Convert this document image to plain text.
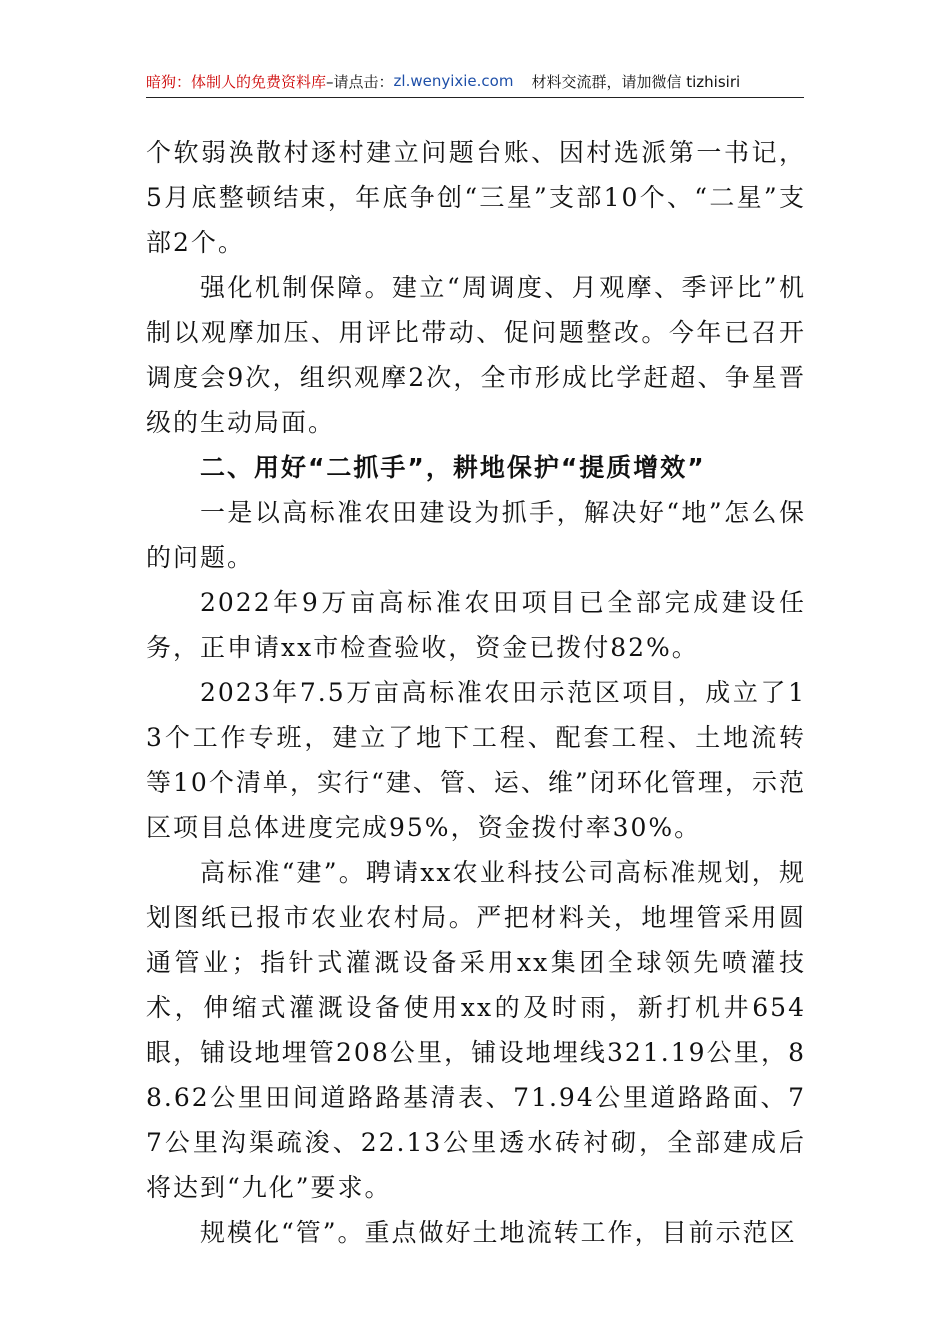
暗狗：体制人的免费资料库 –请点击： zl.wenyixie.com 材料交流群，请加微信 tizhisiri

个软弱涣散村逐村建立问题台账、因村选派第一书记，5月底整顿结束，年底争创“三星”支部10个、“二星”支部2个。

强化机制保障。建立“周调度、月观摩、季评比”机制以观摩加压、用评比带动、促问题整改。今年已召开调度会9次，组织观摩2次，全市形成比学赶超、争星晋级的生动局面。

二、用好“二抓手”，耕地保护“提质增效”

一是以高标准农田建设为抓手，解决好“地”怎么保的问题。

2022年9万亩高标准农田项目已全部完成建设任务，正申请xx市检查验收，资金已拨付82%。

2023年7.5万亩高标准农田示范区项目，成立了13个工作专班，建立了地下工程、配套工程、土地流转等10个清单，实行“建、管、运、维”闭环化管理，示范区项目总体进度完成95%，资金拨付率30%。

高标准“建”。聘请xx农业科技公司高标准规划，规划图纸已报市农业农村局。严把材料关，地埋管采用圆通管业；指针式灌溉设备采用xx集团全球领先喷灌技术，伸缩式灌溉设备使用xx的及时雨，新打机井654眼，铺设地埋管208公里，铺设地埋线321.19公里，88.62公里田间道路路基清表、71.94公里道路路面、77公里沟渠疏浚、22.13公里透水砖衬砌，全部建成后将达到“九化”要求。

规模化“管”。重点做好土地流转工作，目前示范区
